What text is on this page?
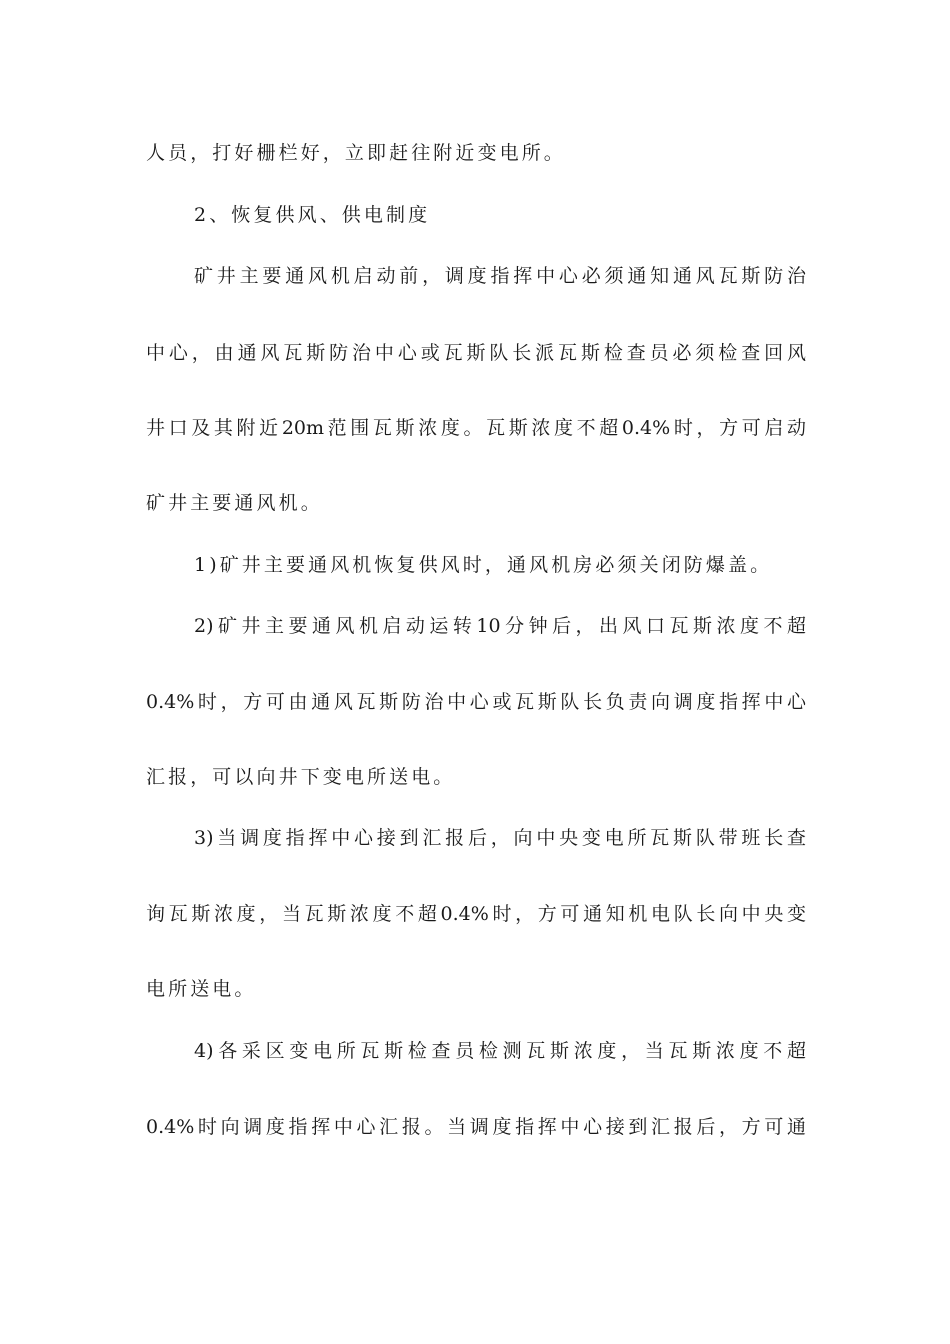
人员，打好栅栏好，立即赶往附近变电所。
2、恢复供风、供电制度
矿井主要通风机启动前，调度指挥中心必须通知通风瓦斯防治
中心，由通风瓦斯防治中心或瓦斯队长派瓦斯检查员必须检查回风
井口及其附近20m范围瓦斯浓度。瓦斯浓度不超0.4%时，方可启动
矿井主要通风机。
1)矿井主要通风机恢复供风时，通风机房必须关闭防爆盖。
2)矿井主要通风机启动运转10分钟后，出风口瓦斯浓度不超
0.4%时，方可由通风瓦斯防治中心或瓦斯队长负责向调度指挥中心
汇报，可以向井下变电所送电。
3)当调度指挥中心接到汇报后，向中央变电所瓦斯队带班长查
询瓦斯浓度，当瓦斯浓度不超0.4%时，方可通知机电队长向中央变
电所送电。
4)各采区变电所瓦斯检查员检测瓦斯浓度，当瓦斯浓度不超
0.4%时向调度指挥中心汇报。当调度指挥中心接到汇报后，方可通
